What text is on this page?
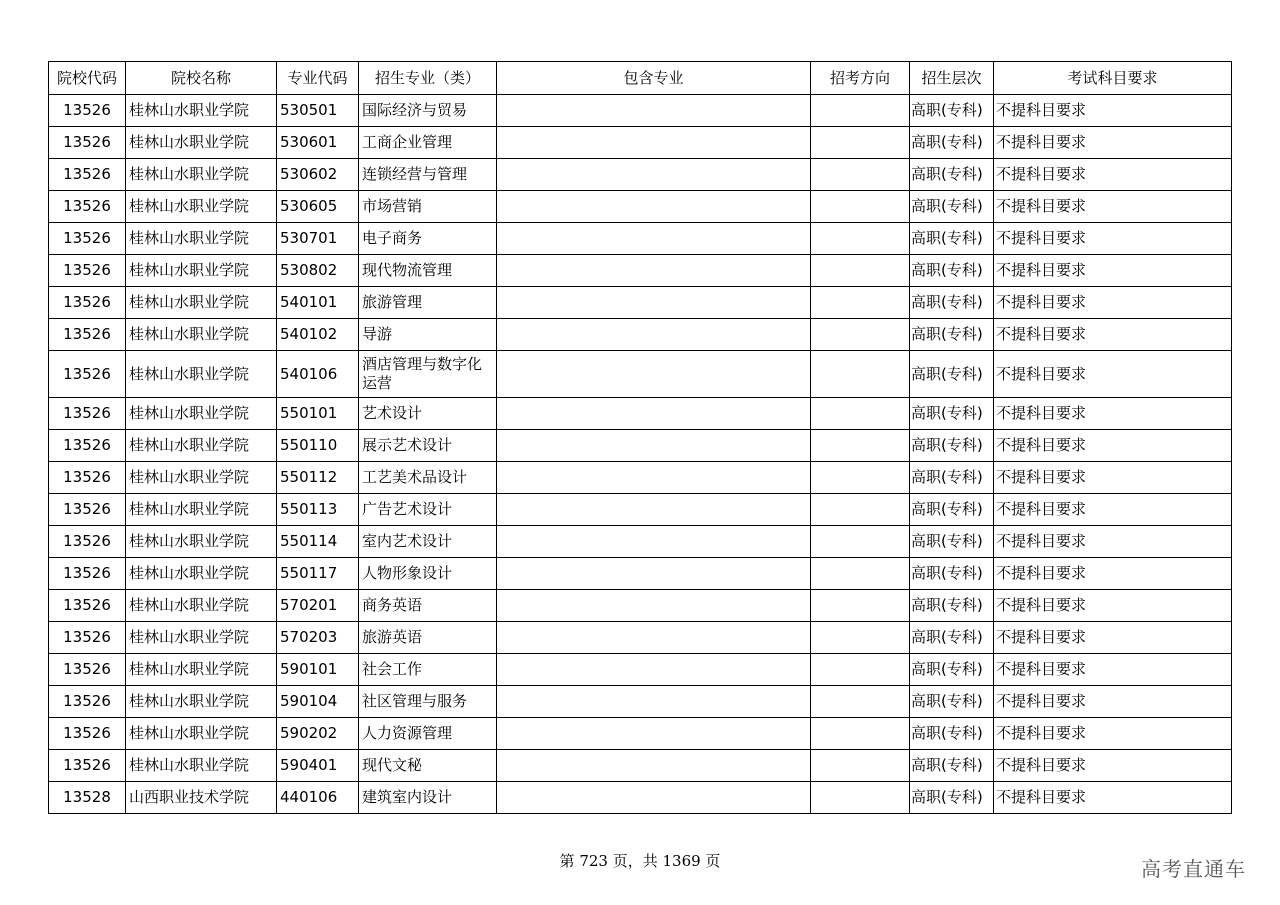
院校代码	院校名称	专业代码	招生专业（类）	包含专业	招考方向	招生层次	考试科目要求
13526	桂林山水职业学院	530501	国际经济与贸易			高职(专科)	不提科目要求
13526	桂林山水职业学院	530601	工商企业管理			高职(专科)	不提科目要求
13526	桂林山水职业学院	530602	连锁经营与管理			高职(专科)	不提科目要求
13526	桂林山水职业学院	530605	市场营销			高职(专科)	不提科目要求
13526	桂林山水职业学院	530701	电子商务			高职(专科)	不提科目要求
13526	桂林山水职业学院	530802	现代物流管理			高职(专科)	不提科目要求
13526	桂林山水职业学院	540101	旅游管理			高职(专科)	不提科目要求
13526	桂林山水职业学院	540102	导游			高职(专科)	不提科目要求
13526	桂林山水职业学院	540106	酒店管理与数字化运营			高职(专科)	不提科目要求
13526	桂林山水职业学院	550101	艺术设计			高职(专科)	不提科目要求
13526	桂林山水职业学院	550110	展示艺术设计			高职(专科)	不提科目要求
13526	桂林山水职业学院	550112	工艺美术品设计			高职(专科)	不提科目要求
13526	桂林山水职业学院	550113	广告艺术设计			高职(专科)	不提科目要求
13526	桂林山水职业学院	550114	室内艺术设计			高职(专科)	不提科目要求
13526	桂林山水职业学院	550117	人物形象设计			高职(专科)	不提科目要求
13526	桂林山水职业学院	570201	商务英语			高职(专科)	不提科目要求
13526	桂林山水职业学院	570203	旅游英语			高职(专科)	不提科目要求
13526	桂林山水职业学院	590101	社会工作			高职(专科)	不提科目要求
13526	桂林山水职业学院	590104	社区管理与服务			高职(专科)	不提科目要求
13526	桂林山水职业学院	590202	人力资源管理			高职(专科)	不提科目要求
13526	桂林山水职业学院	590401	现代文秘			高职(专科)	不提科目要求
13528	山西职业技术学院	440106	建筑室内设计			高职(专科)	不提科目要求
第 723 页，共 1369 页	高考直通车
